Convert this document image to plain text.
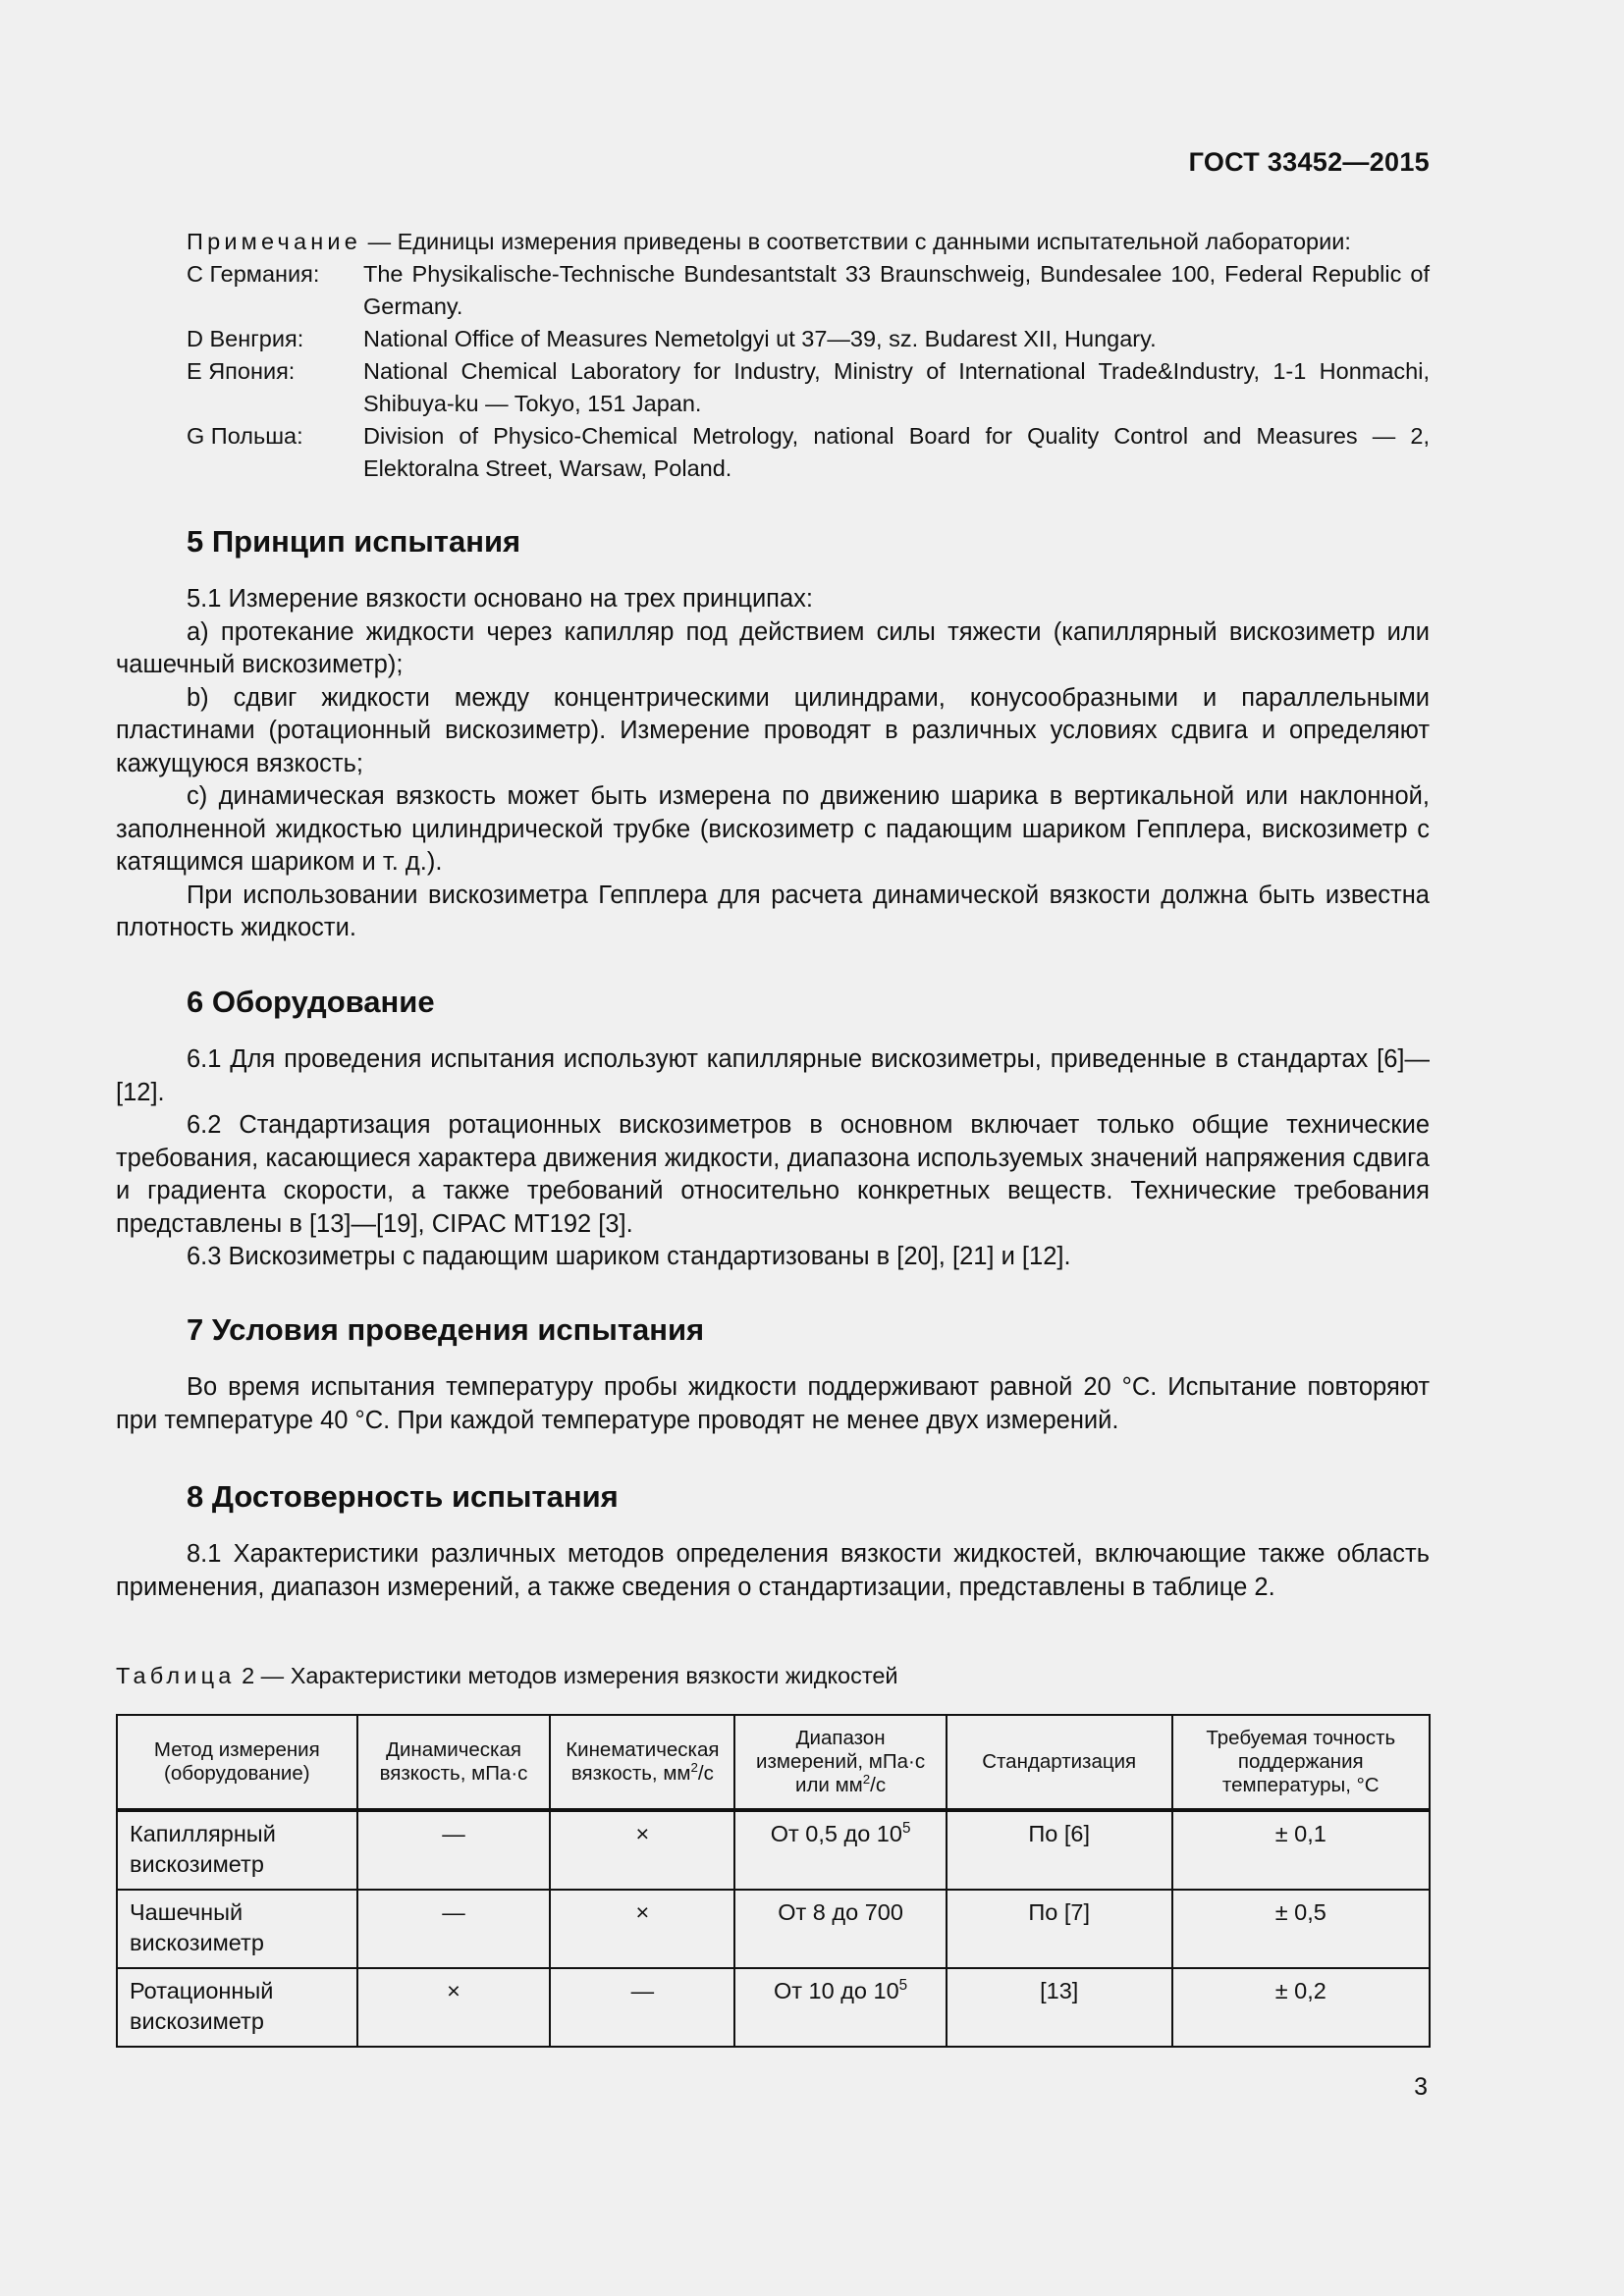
ГОСТ 33452—2015
Примечание — Единицы измерения приведены в соответствии с данными испытательной лаборатории:
С Германия:	The Physikalische-Technische Bundesantstalt 33 Braunschweig, Bundesalee 100, Federal Republic of Germany.
D Венгрия:	National Office of Measures Nemetolgyi ut 37—39, sz. Budarest XII, Hungary.
E Япония:	National Chemical Laboratory for Industry, Ministry of International Trade&Industry, 1-1 Honmachi, Shibuya-ku — Tokyo, 151 Japan.
G Польша:	Division of Physico-Chemical Metrology, national Board for Quality Control and Measures — 2, Elektoralna Street, Warsaw, Poland.
5 Принцип испытания

5.1 Измерение вязкости основано на трех принципах:

а) протекание жидкости через капилляр под действием силы тяжести (капиллярный вискозиметр или чашечный вискозиметр);

b) сдвиг жидкости между концентрическими цилиндрами, конусообразными и параллельными пластинами (ротационный вискозиметр). Измерение проводят в различных условиях сдвига и определяют кажущуюся вязкость;

с) динамическая вязкость может быть измерена по движению шарика в вертикальной или наклонной, заполненной жидкостью цилиндрической трубке (вискозиметр с падающим шариком Гепплера, вискозиметр с катящимся шариком и т. д.).

При использовании вискозиметра Гепплера для расчета динамической вязкости должна быть известна плотность жидкости.

6 Оборудование

6.1 Для проведения испытания используют капиллярные вискозиметры, приведенные в стандартах [6]—[12].

6.2 Стандартизация ротационных вискозиметров в основном включает только общие технические требования, касающиеся характера движения жидкости, диапазона используемых значений напряжения сдвига и градиента скорости, а также требований относительно конкретных веществ. Технические требования представлены в [13]—[19], CIPAC MT192 [3].

6.3 Вискозиметры с падающим шариком стандартизованы в [20], [21] и [12].

7 Условия проведения испытания

Во время испытания температуру пробы жидкости поддерживают равной 20 °С. Испытание повторяют при температуре 40 °С. При каждой температуре проводят не менее двух измерений.

8 Достоверность испытания

8.1 Характеристики различных методов определения вязкости жидкостей, включающие также область применения, диапазон измерений, а также сведения о стандартизации, представлены в таблице 2.

Таблица 2 — Характеристики методов измерения вязкости жидкостей
Метод измерения (оборудование)	Динамическая вязкость, мПа·с	Кинематическая вязкость, $мм^2/с$	Диапазон измерений, мПа·с или $мм^2/с$	Стандартизация	Требуемая точность поддержания температуры, °С
Капиллярный вискозиметр	—	×	От 0,5 до $10^5$	По [6]	± 0,1
Чашечный вискозиметр	—	×	От 8 до 700	По [7]	± 0,5
Ротационный вискозиметр	×	—	От 10 до $10^5$	[13]	± 0,2
3
